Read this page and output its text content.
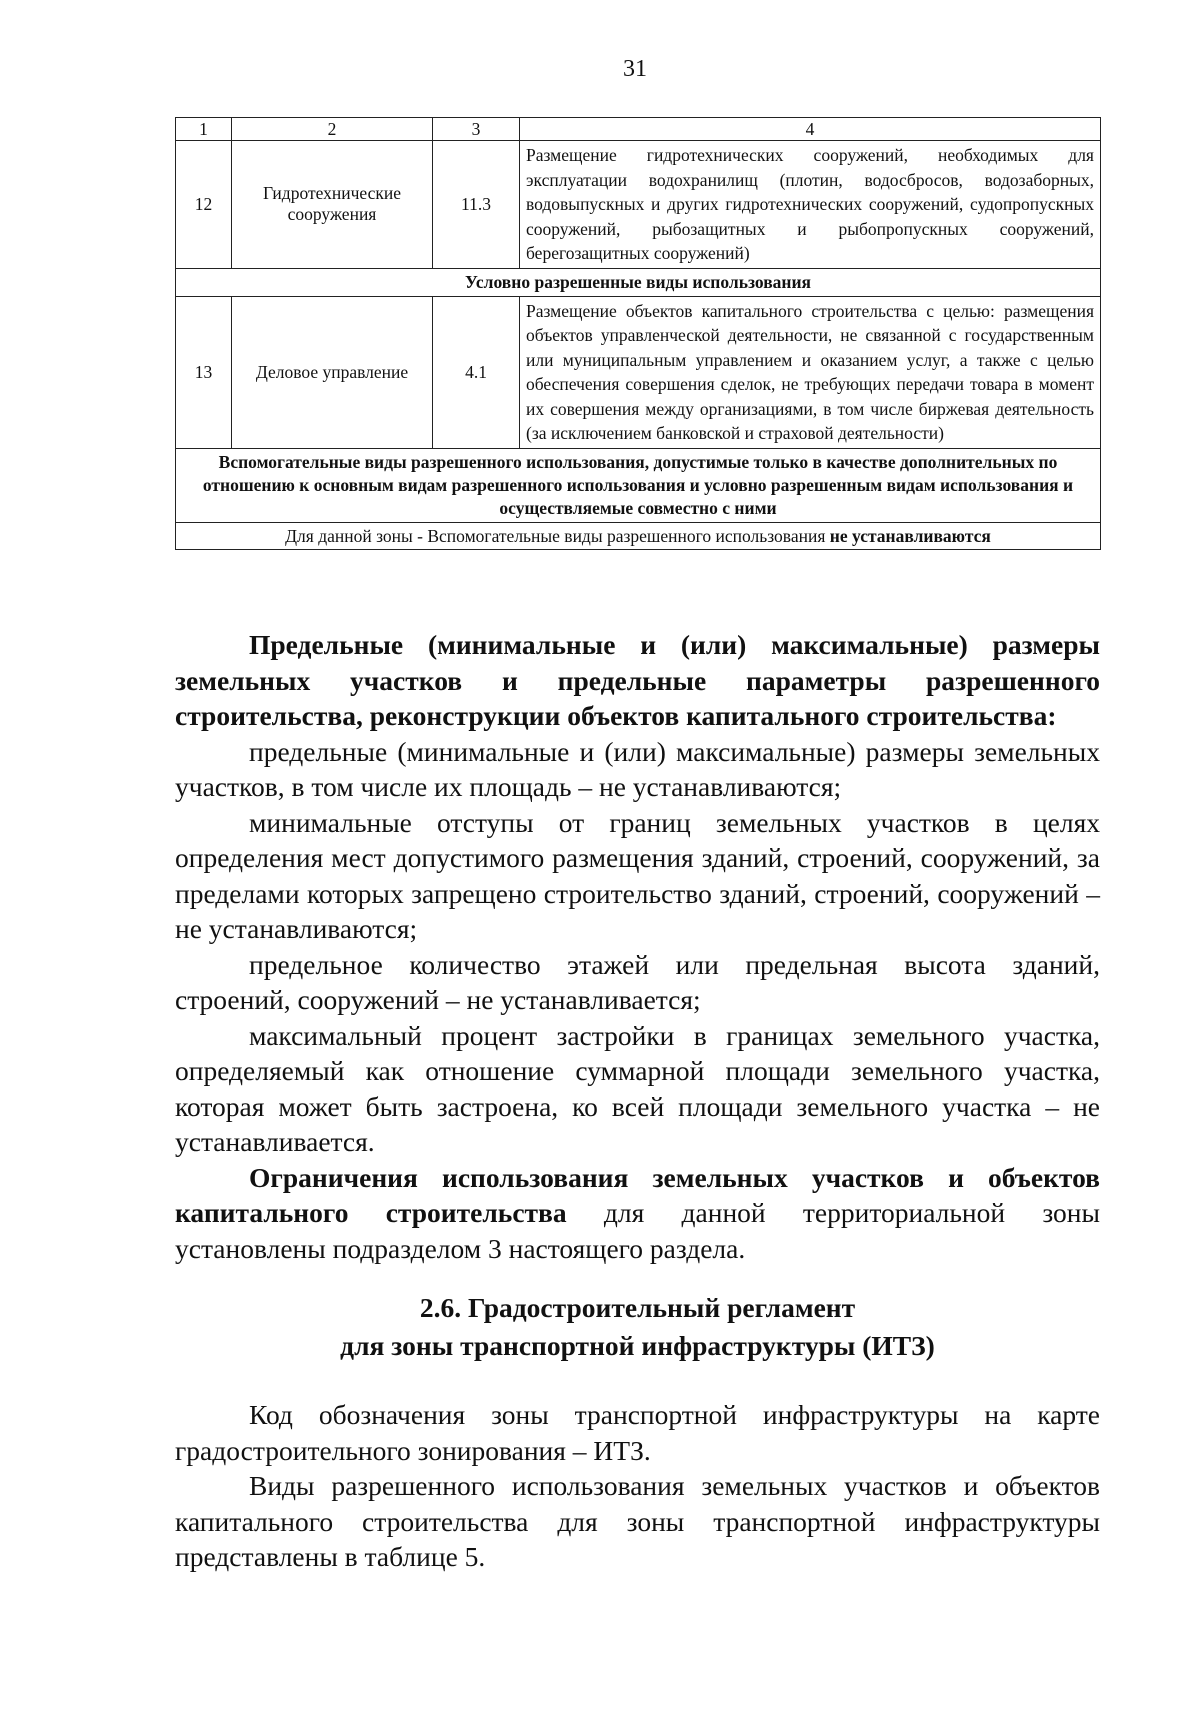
31
1	2	3	4
12	Гидротехнические сооружения	11.3	Размещение гидротехнических сооружений, необходимых для эксплуатации водохранилищ (плотин, водосбросов, водозаборных, водовыпускных и других гидротехнических сооружений, судопропускных сооружений, рыбозащитных и рыбопропускных сооружений, берегозащитных сооружений)
Условно разрешенные виды использования			
13	Деловое управление	4.1	Размещение объектов капитального строительства с целью: размещения объектов управленческой деятельности, не связанной с государственным или муниципальным управлением и оказанием услуг, а также с целью обеспечения совершения сделок, не требующих передачи товара в момент их совершения между организациями, в том числе биржевая деятельность (за исключением банковской и страховой деятельности)
Вспомогательные виды разрешенного использования, допустимые только в качестве дополнительных по отношению к основным видам разрешенного использования и условно разрешенным видам использования и осуществляемые совместно с ними			
Для данной зоны - Вспомогательные виды разрешенного использования не устанавливаются			

Предельные (минимальные и (или) максимальные) размеры земельных участков и предельные параметры разрешенного строительства, реконструкции объектов капитального строительства:

предельные (минимальные и (или) максимальные) размеры земельных участков, в том числе их площадь – не устанавливаются;

минимальные отступы от границ земельных участков в целях определения мест допустимого размещения зданий, строений, сооружений, за пределами которых запрещено строительство зданий, строений, сооружений – не устанавливаются;

предельное количество этажей или предельная высота зданий, строений, сооружений – не устанавливается;

максимальный процент застройки в границах земельного участка, определяемый как отношение суммарной площади земельного участка, которая может быть застроена, ко всей площади земельного участка – не устанавливается.

Ограничения использования земельных участков и объектов капитального строительства для данной территориальной зоны установлены подразделом 3 настоящего раздела.

2.6. Градостроительный регламент
для зоны транспортной инфраструктуры (ИТЗ)

Код обозначения зоны транспортной инфраструктуры на карте градостроительного зонирования – ИТЗ.

Виды разрешенного использования земельных участков и объектов капитального строительства для зоны транспортной инфраструктуры представлены в таблице 5.
